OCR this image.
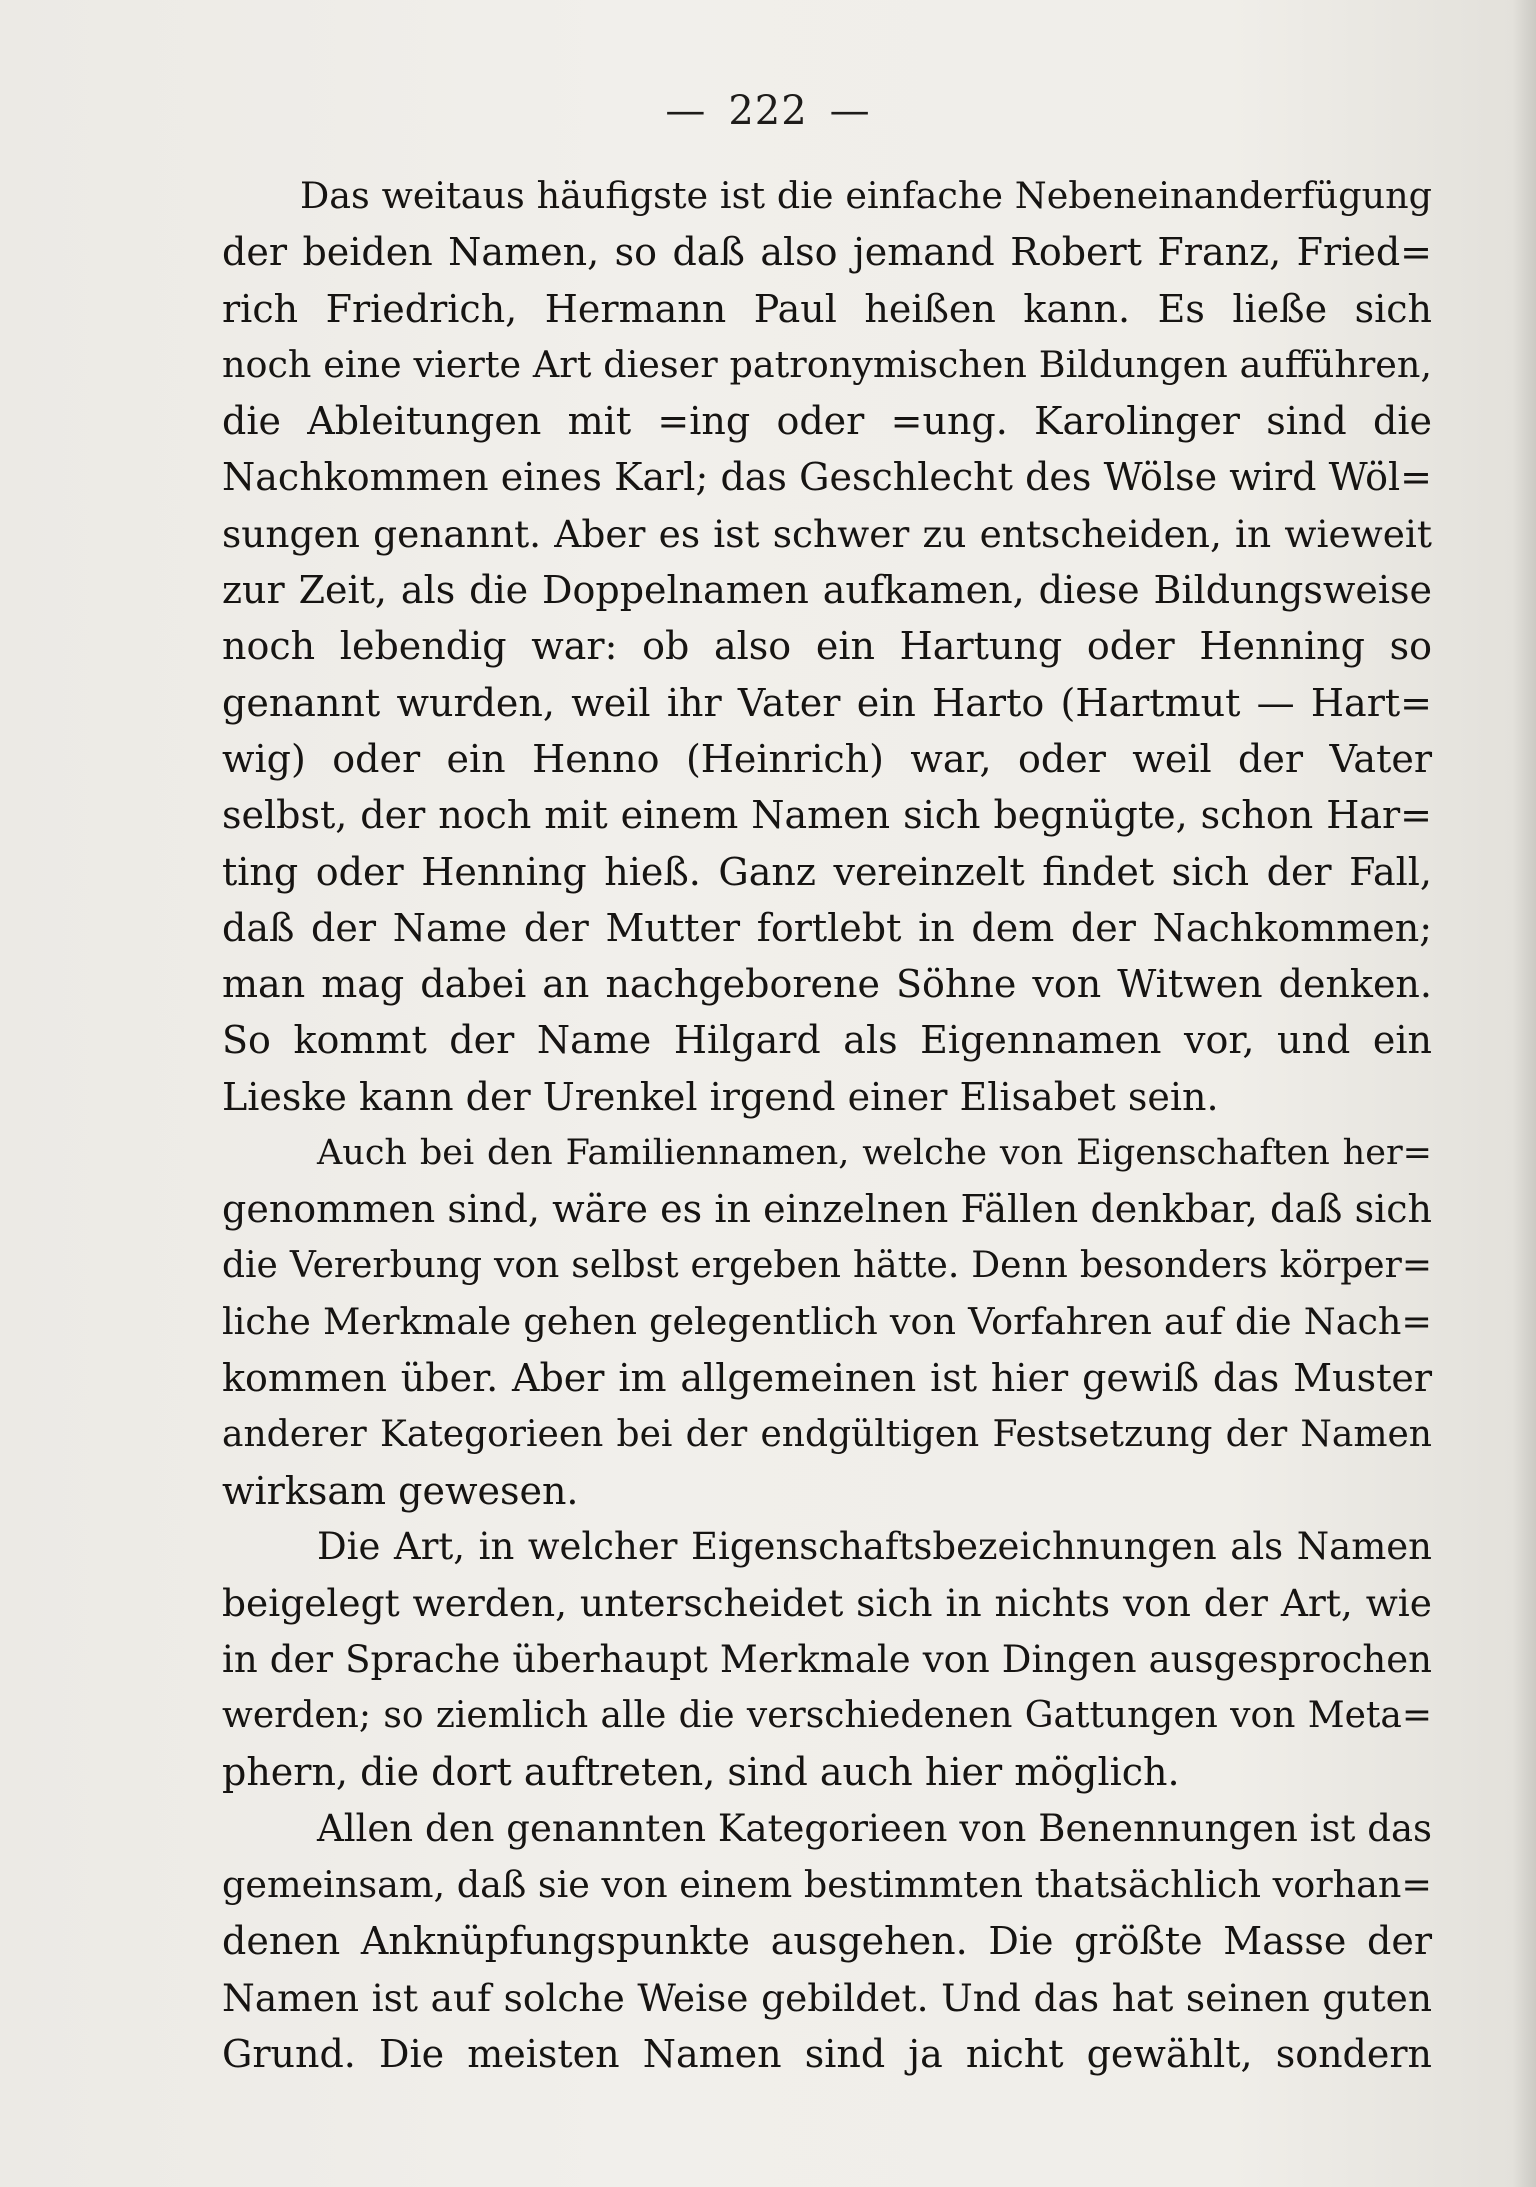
— 222 —
Das weitaus häufigste ist die einfache Nebeneinanderfügung
der beiden Namen, so daß also jemand Robert Franz, Fried=
rich Friedrich, Hermann Paul heißen kann. Es ließe sich
noch eine vierte Art dieser patronymischen Bildungen aufführen,
die Ableitungen mit =ing oder =ung. Karolinger sind die
Nachkommen eines Karl; das Geschlecht des Wölse wird Wöl=
sungen genannt. Aber es ist schwer zu entscheiden, in wieweit
zur Zeit, als die Doppelnamen aufkamen, diese Bildungsweise
noch lebendig war: ob also ein Hartung oder Henning so
genannt wurden, weil ihr Vater ein Harto (Hartmut — Hart=
wig) oder ein Henno (Heinrich) war, oder weil der Vater
selbst, der noch mit einem Namen sich begnügte, schon Har=
ting oder Henning hieß. Ganz vereinzelt findet sich der Fall,
daß der Name der Mutter fortlebt in dem der Nachkommen;
man mag dabei an nachgeborene Söhne von Witwen denken.
So kommt der Name Hilgard als Eigennamen vor, und ein
Lieske kann der Urenkel irgend einer Elisabet sein.
Auch bei den Familiennamen, welche von Eigenschaften her=
genommen sind, wäre es in einzelnen Fällen denkbar, daß sich
die Vererbung von selbst ergeben hätte. Denn besonders körper=
liche Merkmale gehen gelegentlich von Vorfahren auf die Nach=
kommen über. Aber im allgemeinen ist hier gewiß das Muster
anderer Kategorieen bei der endgültigen Festsetzung der Namen
wirksam gewesen.
Die Art, in welcher Eigenschaftsbezeichnungen als Namen
beigelegt werden, unterscheidet sich in nichts von der Art, wie
in der Sprache überhaupt Merkmale von Dingen ausgesprochen
werden; so ziemlich alle die verschiedenen Gattungen von Meta=
phern, die dort auftreten, sind auch hier möglich.
Allen den genannten Kategorieen von Benennungen ist das
gemeinsam, daß sie von einem bestimmten thatsächlich vorhan=
denen Anknüpfungspunkte ausgehen. Die größte Masse der
Namen ist auf solche Weise gebildet. Und das hat seinen guten
Grund. Die meisten Namen sind ja nicht gewählt, sondern
